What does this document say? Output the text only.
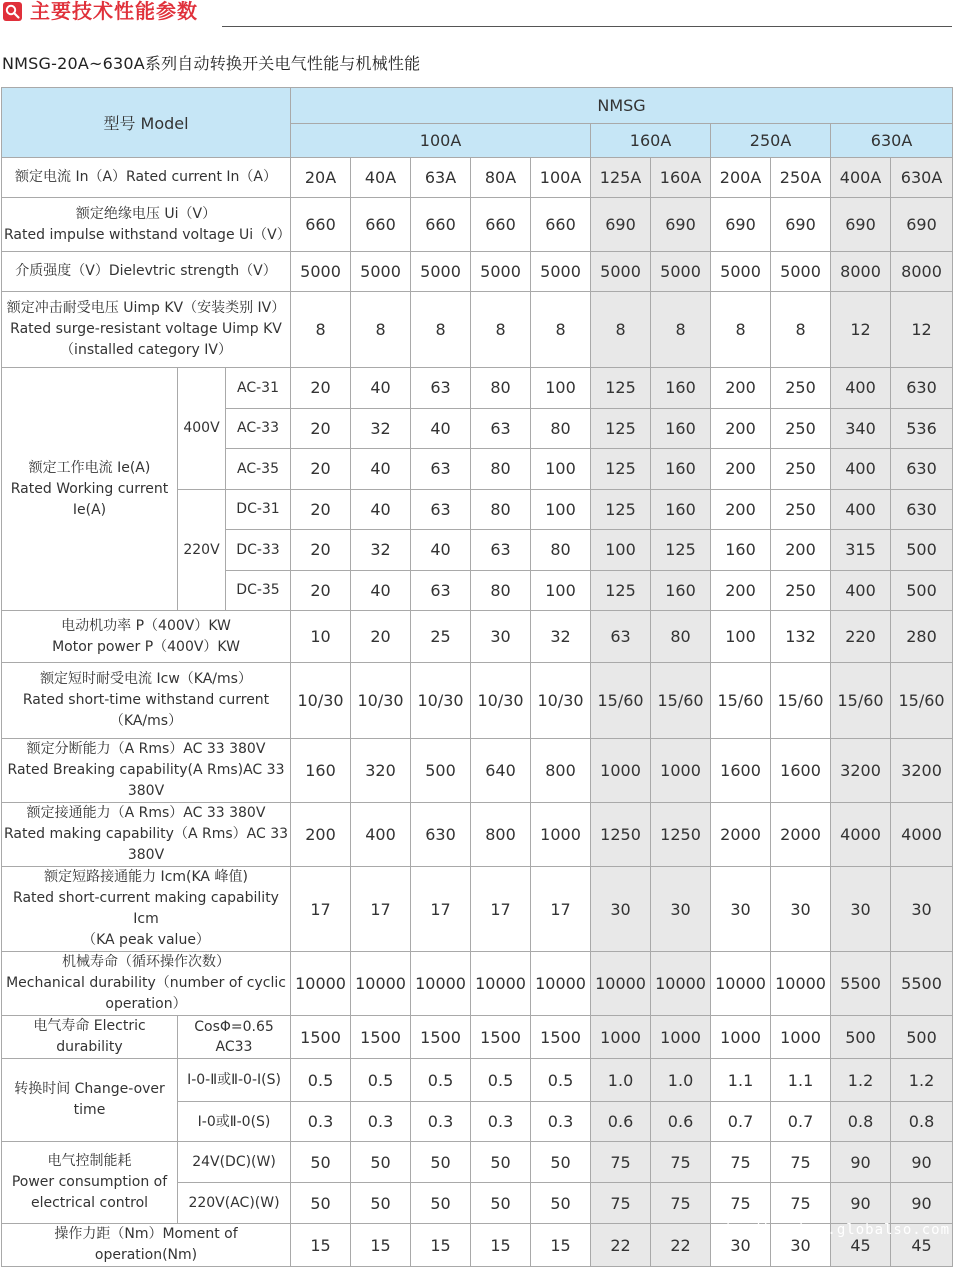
主要技术性能参数
NMSG-20A~630A系列自动转换开关电气性能与机械性能
型号 Model			NMSG										
			100A					160A		250A		630A	
额定电流 In（A）Rated current In（A）			20A	40A	63A	80A	100A	125A	160A	200A	250A	400A	630A

额定绝缘电压 Ui（V）
Rated impulse withstand voltage Ui（V）			660	660	660	660	660	690	690	690	690	690	690
介质强度（V）Dielevtric strength（V）			5000	5000	5000	5000	5000	5000	5000	5000	5000	8000	8000

额定冲击耐受电压 Uimp KV（安装类别 IV）
Rated surge-resistant voltage Uimp KV
（installed category IV）			8	8	8	8	8	8	8	8	8	12	12

额定工作电流 Ie(A)
Rated Working current Ie(A)	400V	AC-31	20	40	63	80	100	125	160	200	250	400	630
		AC-33	20	32	40	63	80	125	160	200	250	340	536
		AC-35	20	40	63	80	100	125	160	200	250	400	630
	220V	DC-31	20	40	63	80	100	125	160	200	250	400	630
		DC-33	20	32	40	63	80	100	125	160	200	315	500
		DC-35	20	40	63	80	100	125	160	200	250	400	500

电动机功率 P（400V）KW
Motor power P（400V）KW			10	20	25	30	32	63	80	100	132	220	280

额定短时耐受电流 Icw（KA/ms）
Rated short-time withstand current（KA/ms）			10/30	10/30	10/30	10/30	10/30	15/60	15/60	15/60	15/60	15/60	15/60

额定分断能力（A Rms）AC 33 380V
Rated Breaking capability(A Rms)AC 33 380V			160	320	500	640	800	1000	1000	1600	1600	3200	3200

额定接通能力（A Rms）AC 33 380V
Rated making capability（A Rms）AC 33 380V			200	400	630	800	1000	1250	1250	2000	2000	4000	4000

额定短路接通能力 Icm(KA 峰值)
Rated short-current making capability Icm
（KA peak value）			17	17	17	17	17	30	30	30	30	30	30

机械寿命（循环操作次数）
Mechanical durability（number of cyclic operation）			10000	10000	10000	10000	10000	10000	10000	10000	10000	5500	5500
电气寿命 Electric durability	CosΦ=0.65 AC33		1500	1500	1500	1500	1500	1000	1000	1000	1000	500	500
转换时间 Change-over time	Ⅰ-0-Ⅱ或Ⅱ-0-Ⅰ(S)		0.5	0.5	0.5	0.5	0.5	1.0	1.0	1.1	1.1	1.2	1.2
	Ⅰ-0或Ⅱ-0(S)		0.3	0.3	0.3	0.3	0.3	0.6	0.6	0.7	0.7	0.8	0.8

电气控制能耗
Power consumption of electrical control	24V(DC)(W)		50	50	50	50	50	75	75	75	75	90	90
	220V(AC)(W)		50	50	50	50	50	75	75	75	75	90	90
操作力距（Nm）Moment of operation(Nm)			15	15	15	15	15	22	22	30	30	45	45
pingdingshan.globalso.com
